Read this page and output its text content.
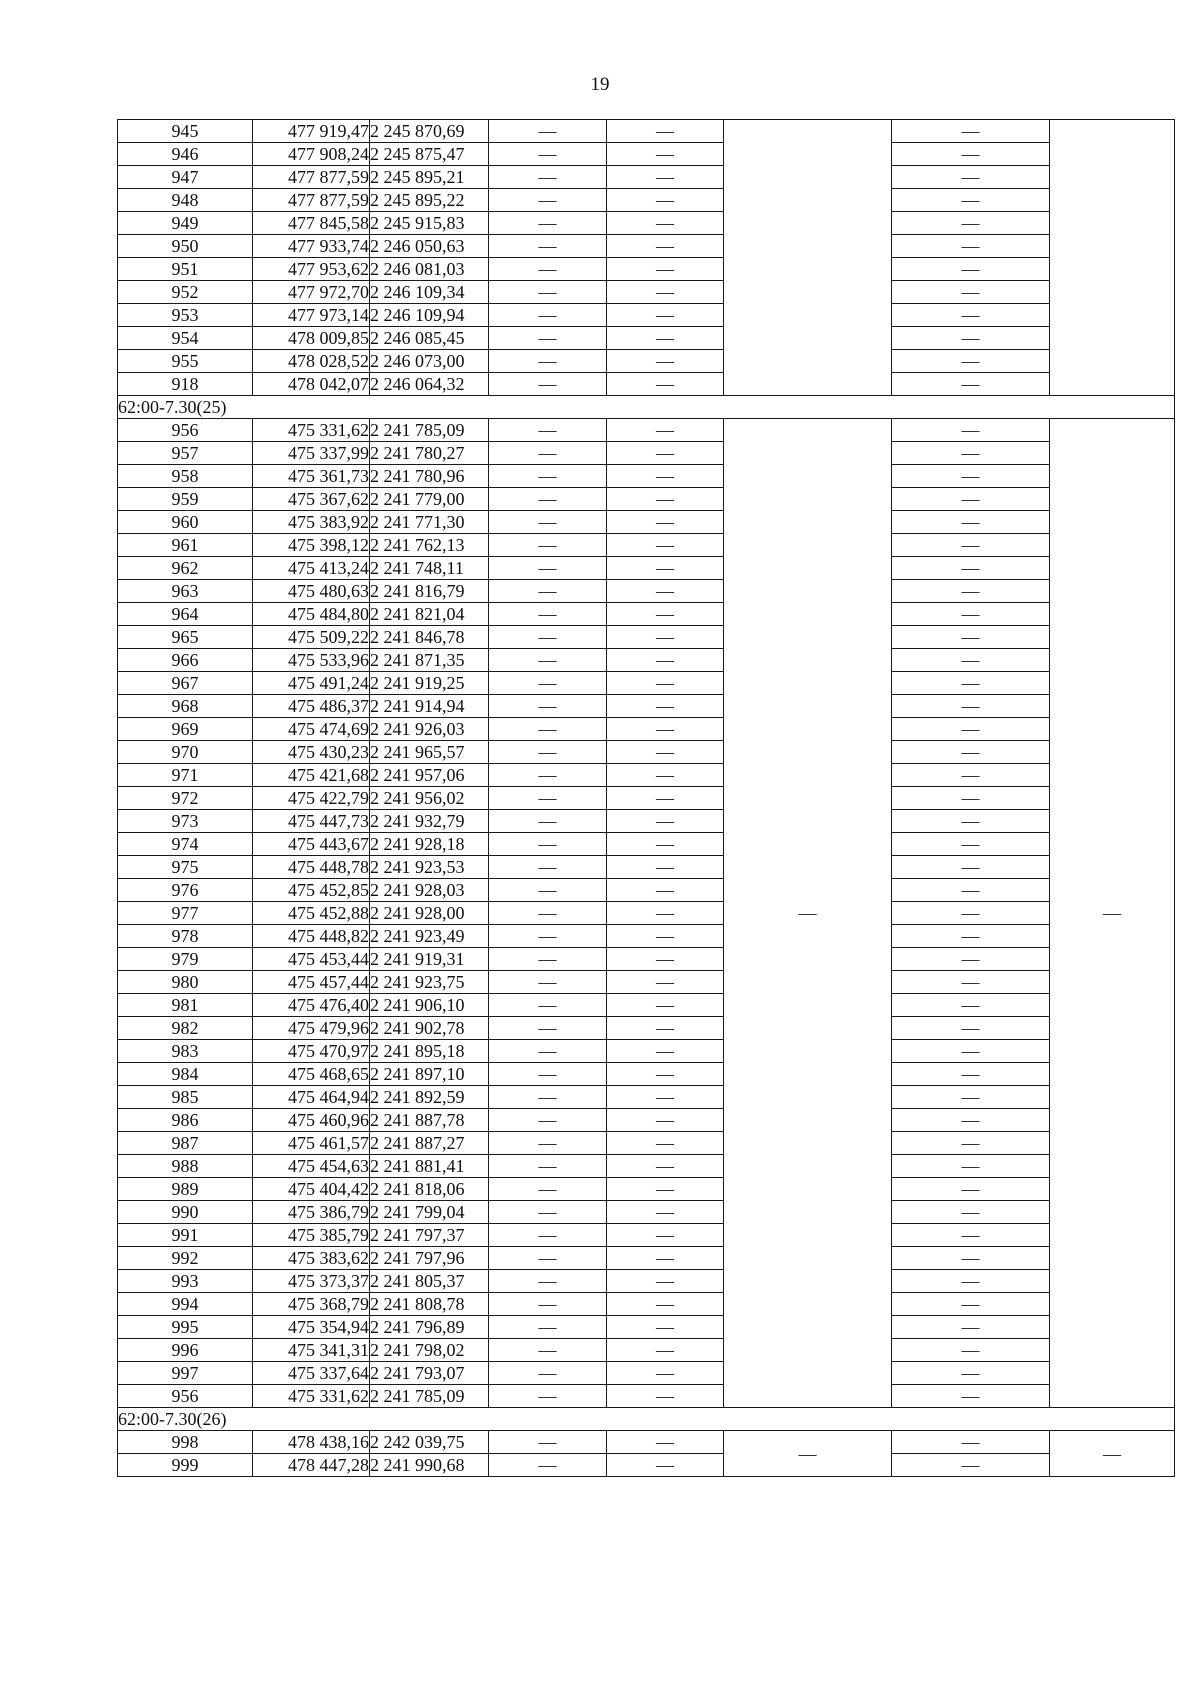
19
945	477 919,47	2 245 870,69	—	—		—	
946	477 908,24	2 245 875,47	—	—		—	
947	477 877,59	2 245 895,21	—	—		—	
948	477 877,59	2 245 895,22	—	—		—	
949	477 845,58	2 245 915,83	—	—		—	
950	477 933,74	2 246 050,63	—	—		—	
951	477 953,62	2 246 081,03	—	—		—	
952	477 972,70	2 246 109,34	—	—		—	
953	477 973,14	2 246 109,94	—	—		—	
954	478 009,85	2 246 085,45	—	—		—	
955	478 028,52	2 246 073,00	—	—		—	
918	478 042,07	2 246 064,32	—	—		—	
62:00-7.30(25)							
956	475 331,62	2 241 785,09	—	—	—	—	—
957	475 337,99	2 241 780,27	—	—		—	
958	475 361,73	2 241 780,96	—	—		—	
959	475 367,62	2 241 779,00	—	—		—	
960	475 383,92	2 241 771,30	—	—		—	
961	475 398,12	2 241 762,13	—	—		—	
962	475 413,24	2 241 748,11	—	—		—	
963	475 480,63	2 241 816,79	—	—		—	
964	475 484,80	2 241 821,04	—	—		—	
965	475 509,22	2 241 846,78	—	—		—	
966	475 533,96	2 241 871,35	—	—		—	
967	475 491,24	2 241 919,25	—	—		—	
968	475 486,37	2 241 914,94	—	—		—	
969	475 474,69	2 241 926,03	—	—		—	
970	475 430,23	2 241 965,57	—	—		—	
971	475 421,68	2 241 957,06	—	—		—	
972	475 422,79	2 241 956,02	—	—		—	
973	475 447,73	2 241 932,79	—	—		—	
974	475 443,67	2 241 928,18	—	—		—	
975	475 448,78	2 241 923,53	—	—		—	
976	475 452,85	2 241 928,03	—	—		—	
977	475 452,88	2 241 928,00	—	—		—	
978	475 448,82	2 241 923,49	—	—		—	
979	475 453,44	2 241 919,31	—	—		—	
980	475 457,44	2 241 923,75	—	—		—	
981	475 476,40	2 241 906,10	—	—		—	
982	475 479,96	2 241 902,78	—	—		—	
983	475 470,97	2 241 895,18	—	—		—	
984	475 468,65	2 241 897,10	—	—		—	
985	475 464,94	2 241 892,59	—	—		—	
986	475 460,96	2 241 887,78	—	—		—	
987	475 461,57	2 241 887,27	—	—		—	
988	475 454,63	2 241 881,41	—	—		—	
989	475 404,42	2 241 818,06	—	—		—	
990	475 386,79	2 241 799,04	—	—		—	
991	475 385,79	2 241 797,37	—	—		—	
992	475 383,62	2 241 797,96	—	—		—	
993	475 373,37	2 241 805,37	—	—		—	
994	475 368,79	2 241 808,78	—	—		—	
995	475 354,94	2 241 796,89	—	—		—	
996	475 341,31	2 241 798,02	—	—		—	
997	475 337,64	2 241 793,07	—	—		—	
956	475 331,62	2 241 785,09	—	—		—	
62:00-7.30(26)							
998	478 438,16	2 242 039,75	—	—	—	—	—
999	478 447,28	2 241 990,68	—	—		—	
